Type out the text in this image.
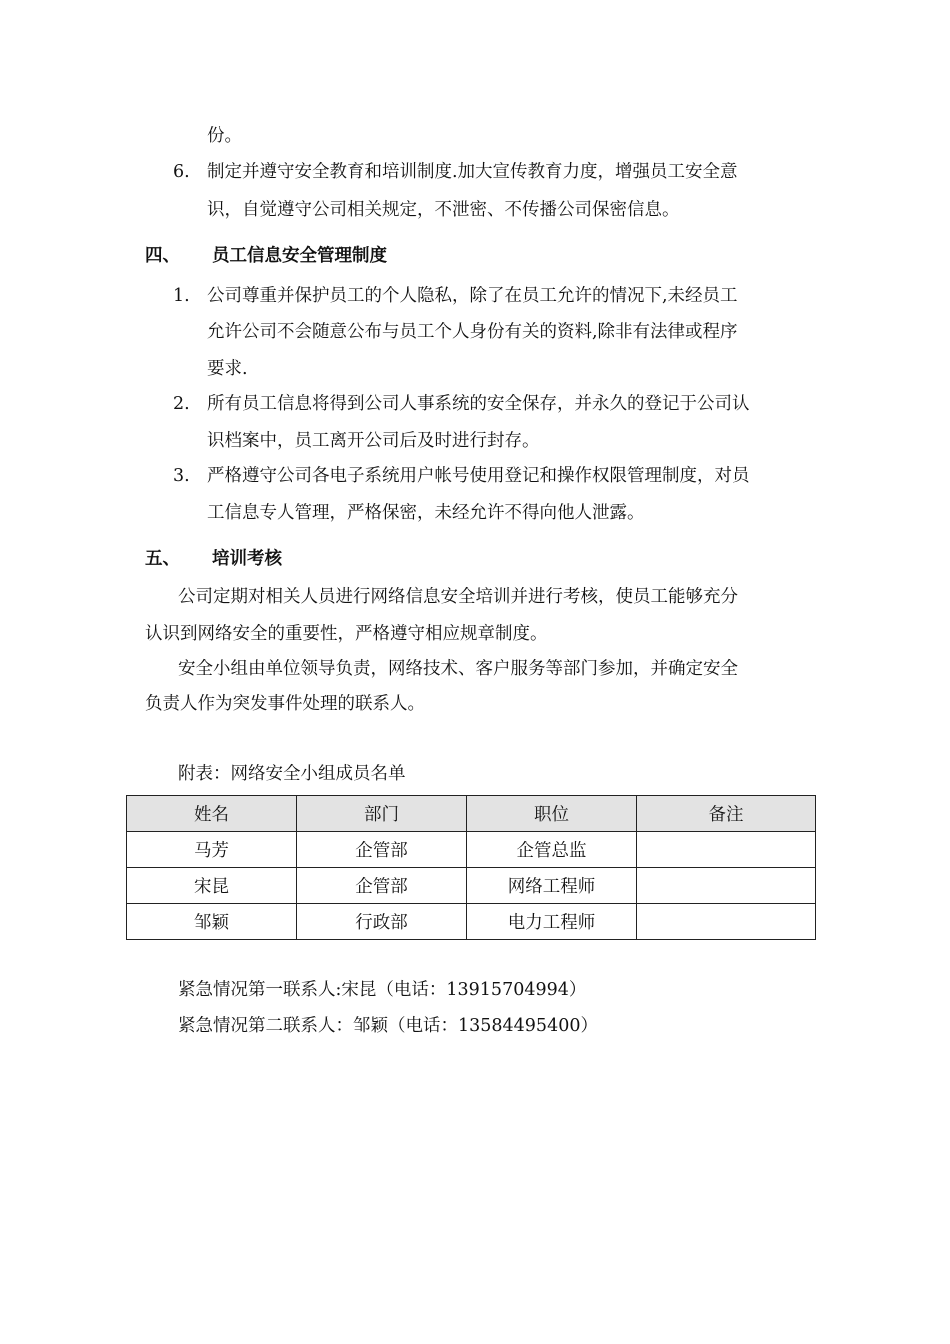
份。
6. 制定并遵守安全教育和培训制度.加大宣传教育力度，增强员工安全意
识，自觉遵守公司相关规定，不泄密、不传播公司保密信息。
四、 员工信息安全管理制度
1. 公司尊重并保护员工的个人隐私，除了在员工允许的情况下,未经员工
允许公司不会随意公布与员工个人身份有关的资料,除非有法律或程序
要求.
2. 所有员工信息将得到公司人事系统的安全保存，并永久的登记于公司认
识档案中，员工离开公司后及时进行封存。
3. 严格遵守公司各电子系统用户帐号使用登记和操作权限管理制度，对员
工信息专人管理，严格保密，未经允许不得向他人泄露。
五、 培训考核
公司定期对相关人员进行网络信息安全培训并进行考核，使员工能够充分
认识到网络安全的重要性，严格遵守相应规章制度。
安全小组由单位领导负责，网络技术、客户服务等部门参加，并确定安全
负责人作为突发事件处理的联系人。
附表：网络安全小组成员名单
姓名	部门	职位	备注
马芳	企管部	企管总监	
宋昆	企管部	网络工程师	
邹颖	行政部	电力工程师	
紧急情况第一联系人:宋昆（电话：13915704994）
紧急情况第二联系人：邹颖（电话：13584495400）
